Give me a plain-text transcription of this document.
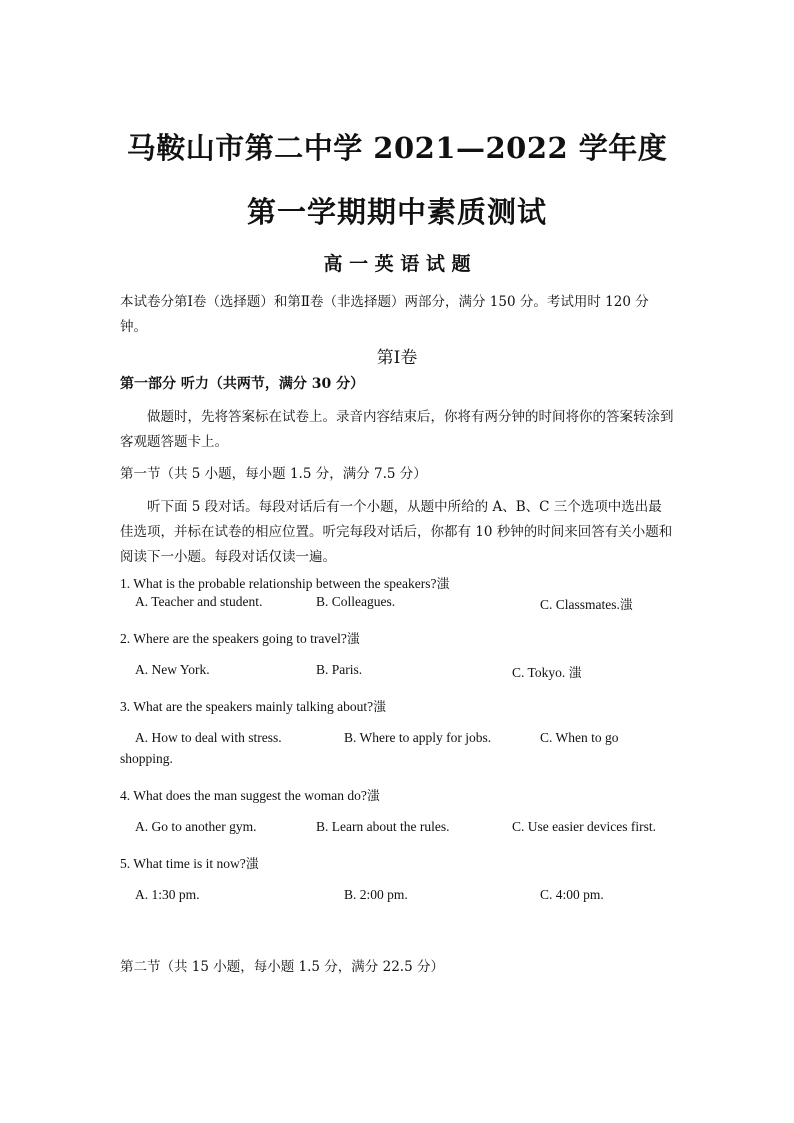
马鞍山市第二中学 2021—2022 学年度
第一学期期中素质测试
高 一 英 语 试 题
本试卷分第Ⅰ卷（选择题）和第Ⅱ卷（非选择题）两部分，满分 150 分。考试用时 120 分钟。
第Ⅰ卷
第一部分 听力（共两节，满分 30 分）
做题时，先将答案标在试卷上。录音内容结束后，你将有两分钟的时间将你的答案转涂到客观题答题卡上。
第一节（共 5 小题，每小题 1.5 分，满分 7.5 分）
听下面 5 段对话。每段对话后有一个小题，从题中所给的 A、B、C 三个选项中选出最佳选项，并标在试卷的相应位置。听完每段对话后，你都有 10 秒钟的时间来回答有关小题和阅读下一小题。每段对话仅读一遍。
1. What is the probable relationship between the speakers?滍
A. Teacher and student.	B. Colleagues.	C. Classmates.滍
2. Where are the speakers going to travel?滍
A. New York.	B. Paris.	C. Tokyo. 滍
3. What are the speakers mainly talking about?滍
A. How to deal with stress.	B. Where to apply for jobs.	C. When to go
shopping.
4. What does the man suggest the woman do?滍
A. Go to another gym.	B. Learn about the rules.	C. Use easier devices first.
5. What time is it now?滍
A. 1:30 pm.	B. 2:00 pm.	C. 4:00 pm.
第二节（共 15 小题，每小题 1.5 分，满分 22.5 分）
